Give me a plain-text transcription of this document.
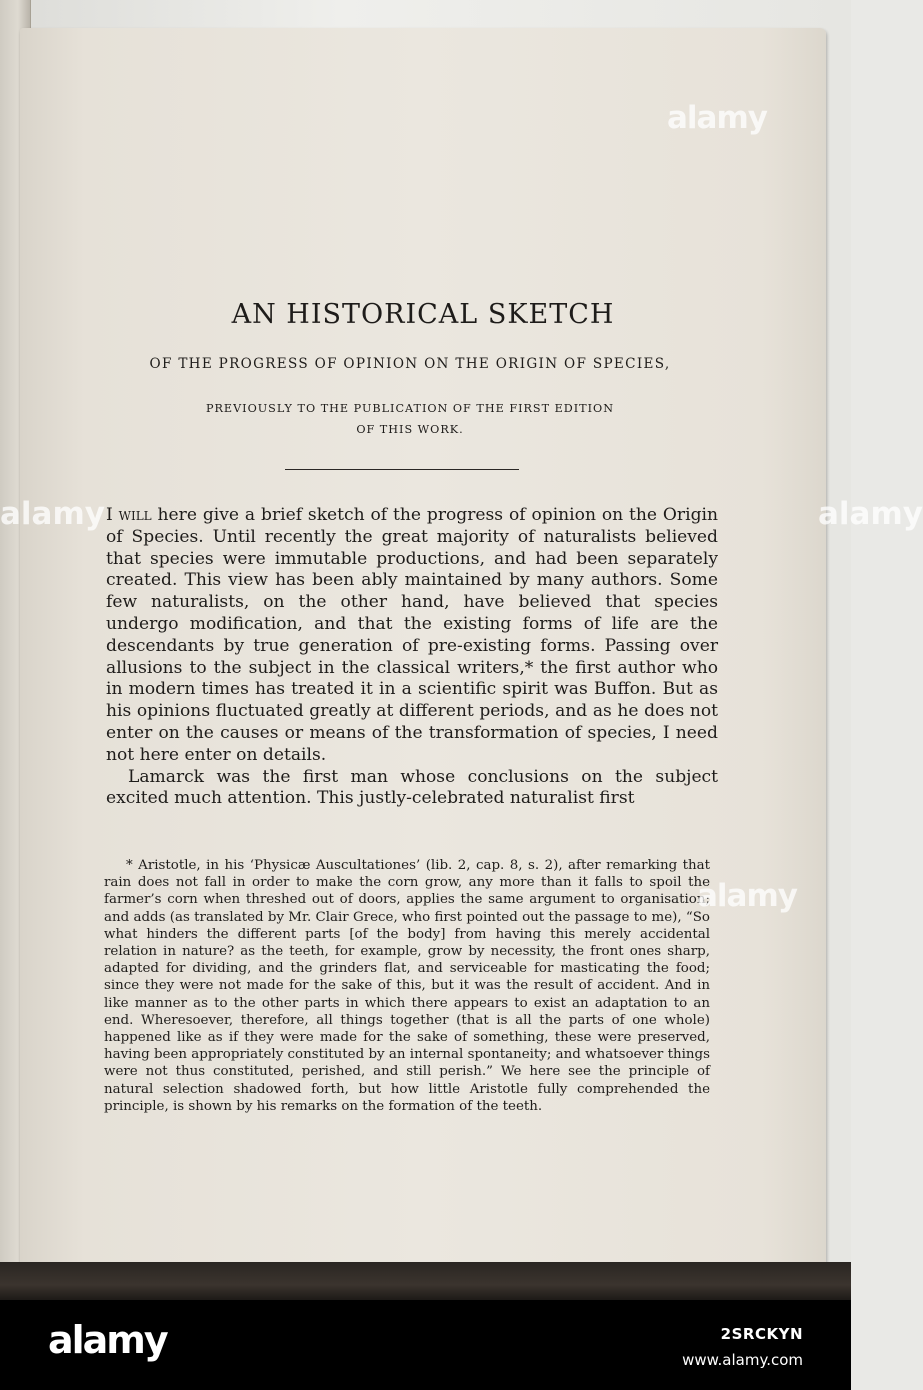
AN HISTORICAL SKETCH
OF THE PROGRESS OF OPINION ON THE ORIGIN OF SPECIES,
PREVIOUSLY TO THE PUBLICATION OF THE FIRST EDITION
OF THIS WORK.

I will here give a brief sketch of the progress of opinion on the Origin of Species. Until recently the great majority of naturalists believed that species were immutable productions, and had been separately created. This view has been ably maintained by many authors. Some few naturalists, on the other hand, have believed that species undergo modification, and that the existing forms of life are the descendants by true generation of pre-existing forms. Passing over allusions to the subject in the classical writers,* the first author who in modern times has treated it in a scientific spirit was Buffon. But as his opinions fluctuated greatly at different periods, and as he does not enter on the causes or means of the transformation of species, I need not here enter on details.

Lamarck was the first man whose conclusions on the subject excited much attention. This justly-celebrated naturalist first

* Aristotle, in his ‘Physicæ Auscultationes’ (lib. 2, cap. 8, s. 2), after remarking that rain does not fall in order to make the corn grow, any more than it falls to spoil the farmer’s corn when threshed out of doors, applies the same argument to organisation; and adds (as translated by Mr. Clair Grece, who first pointed out the passage to me), “So what hinders the different parts [of the body] from having this merely accidental relation in nature? as the teeth, for example, grow by necessity, the front ones sharp, adapted for dividing, and the grinders flat, and serviceable for masticating the food; since they were not made for the sake of this, but it was the result of accident. And in like manner as to the other parts in which there appears to exist an adaptation to an end. Wheresoever, therefore, all things together (that is all the parts of one whole) happened like as if they were made for the sake of something, these were preserved, having been appropriately constituted by an internal spontaneity; and whatsoever things were not thus constituted, perished, and still perish.” We here see the principle of natural selection shadowed forth, but how little Aristotle fully comprehended the principle, is shown by his remarks on the formation of the teeth.

alamy
alamy
alamy	alamy
alamy	2SRCKYN
www.alamy.com
